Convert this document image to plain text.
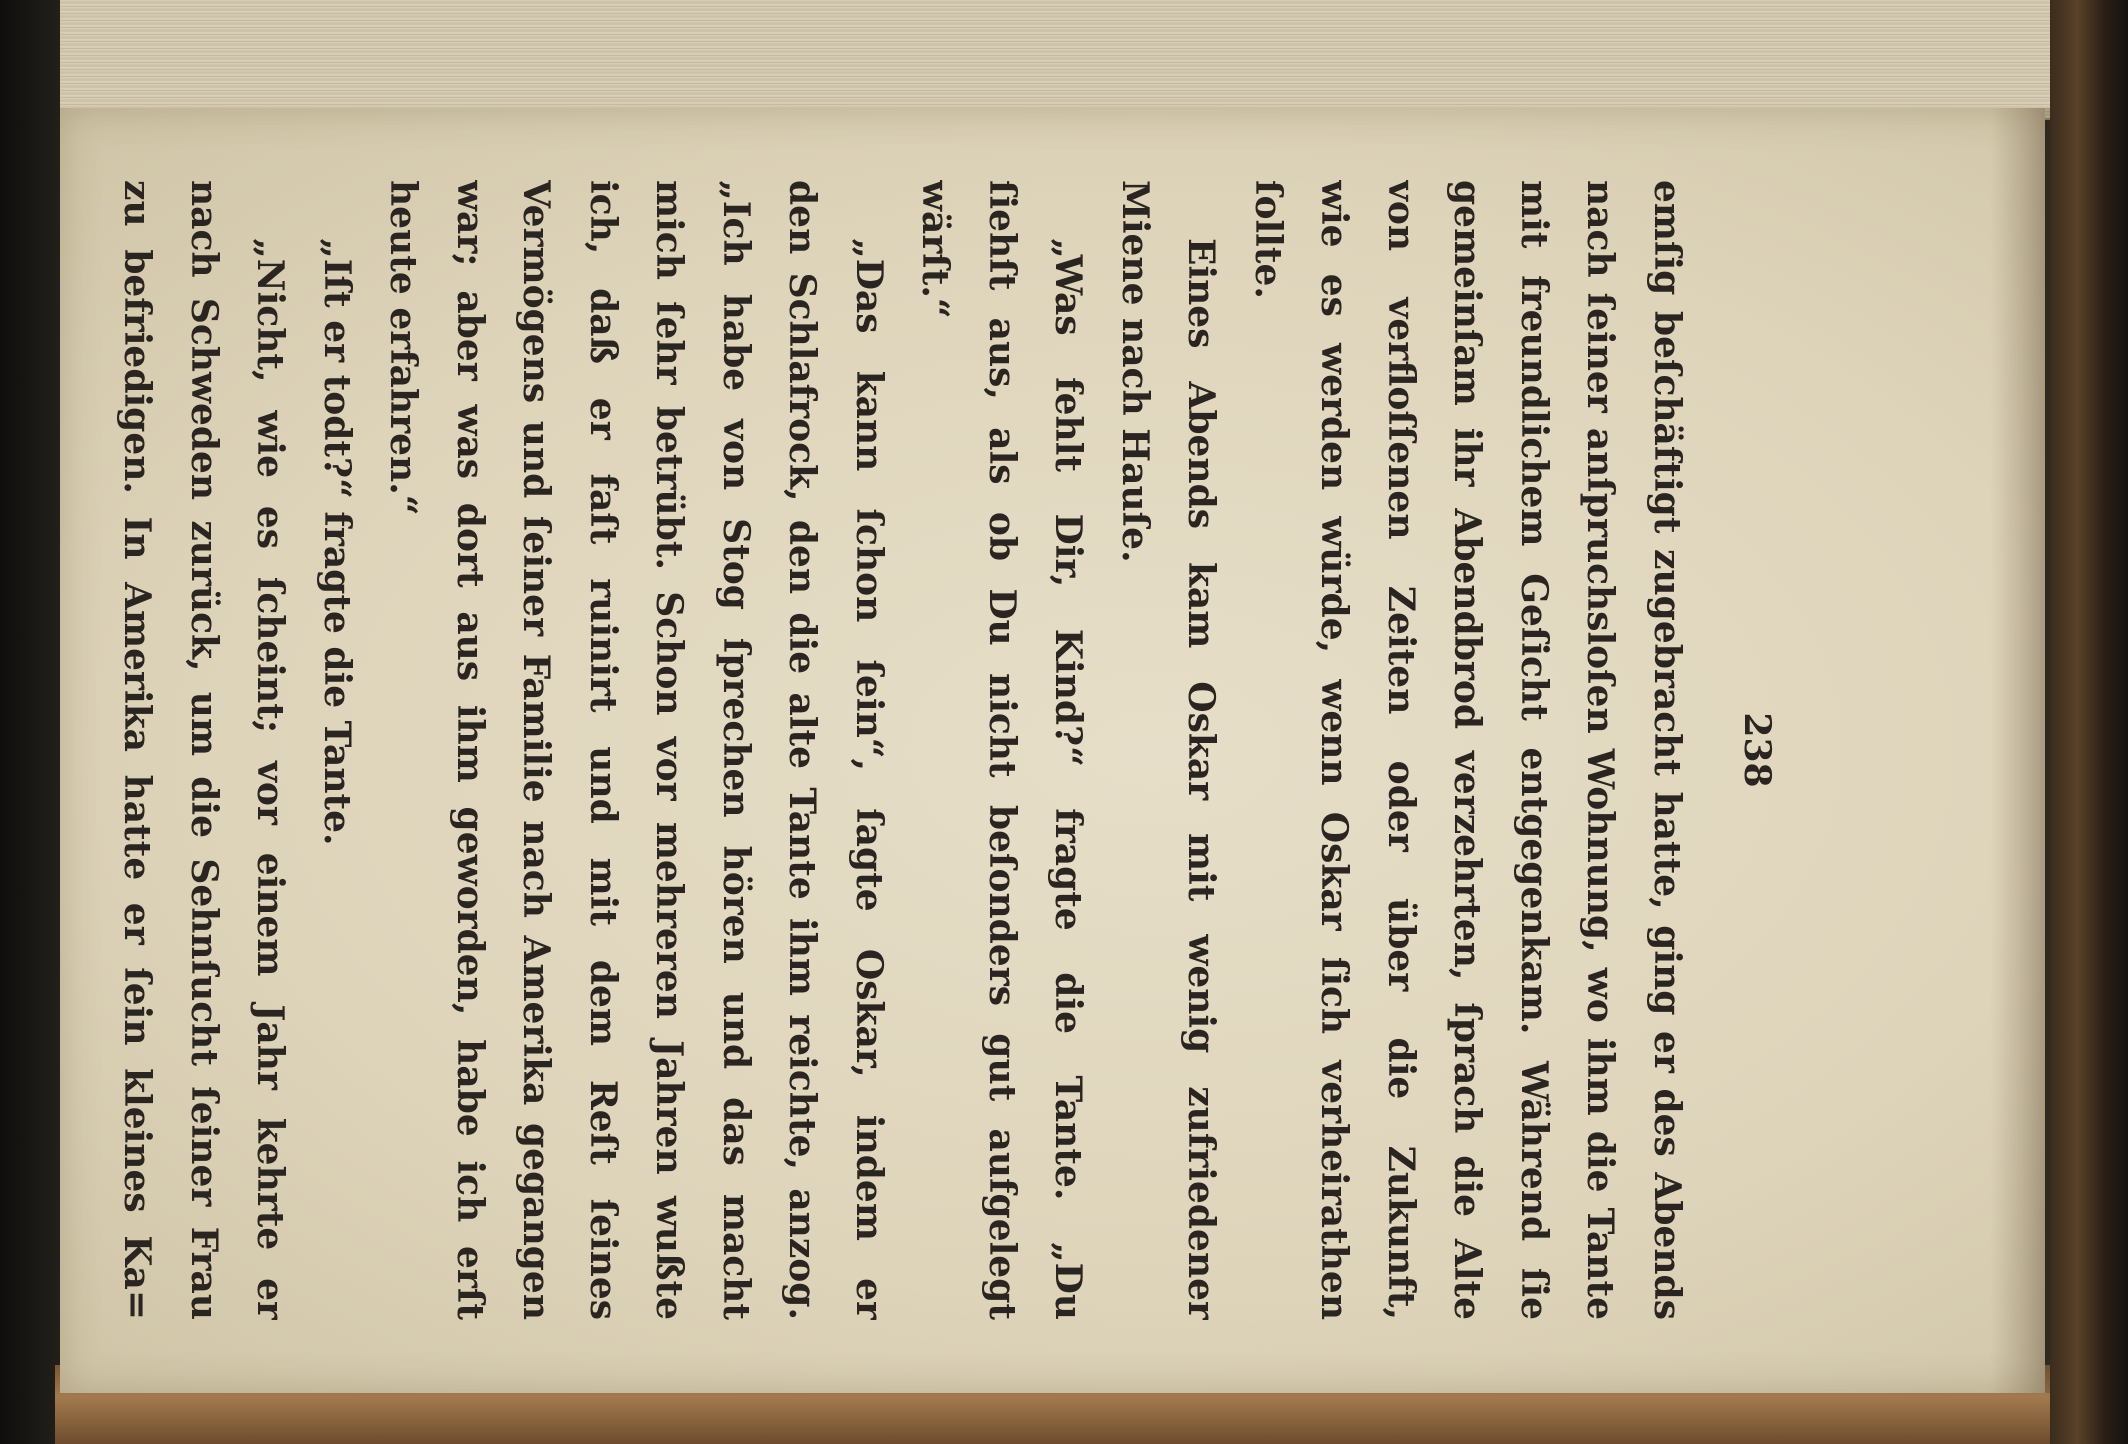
238
emſig beſchäftigt zugebracht hatte, ging er des Abends
nach ſeiner anſpruchsloſen Wohnung, wo ihm die Tante
mit freundlichem Geſicht entgegenkam. Während ſie
gemeinſam ihr Abendbrod verzehrten, ſprach die Alte
von verfloſſenen Zeiten oder über die Zukunft,
wie es werden würde, wenn Oskar ſich verheirathen
ſollte.
Eines Abends kam Oskar mit wenig zufriedener
Miene nach Hauſe.
„Was fehlt Dir, Kind?“ fragte die Tante. „Du
ſiehſt aus, als ob Du nicht beſonders gut aufgelegt
wärſt.“
„Das kann ſchon ſein“, ſagte Oskar, indem er
den Schlafrock, den die alte Tante ihm reichte, anzog.
„Ich habe von Stog ſprechen hören und das macht
mich ſehr betrübt. Schon vor mehreren Jahren wußte
ich, daß er faſt ruinirt und mit dem Reſt ſeines
Vermögens und ſeiner Familie nach Amerika gegangen
war; aber was dort aus ihm geworden, habe ich erſt
heute erfahren.“
„Iſt er todt?“ fragte die Tante.
„Nicht, wie es ſcheint; vor einem Jahr kehrte er
nach Schweden zurück, um die Sehnſucht ſeiner Frau
zu befriedigen. In Amerika hatte er ſein kleines Ka=
